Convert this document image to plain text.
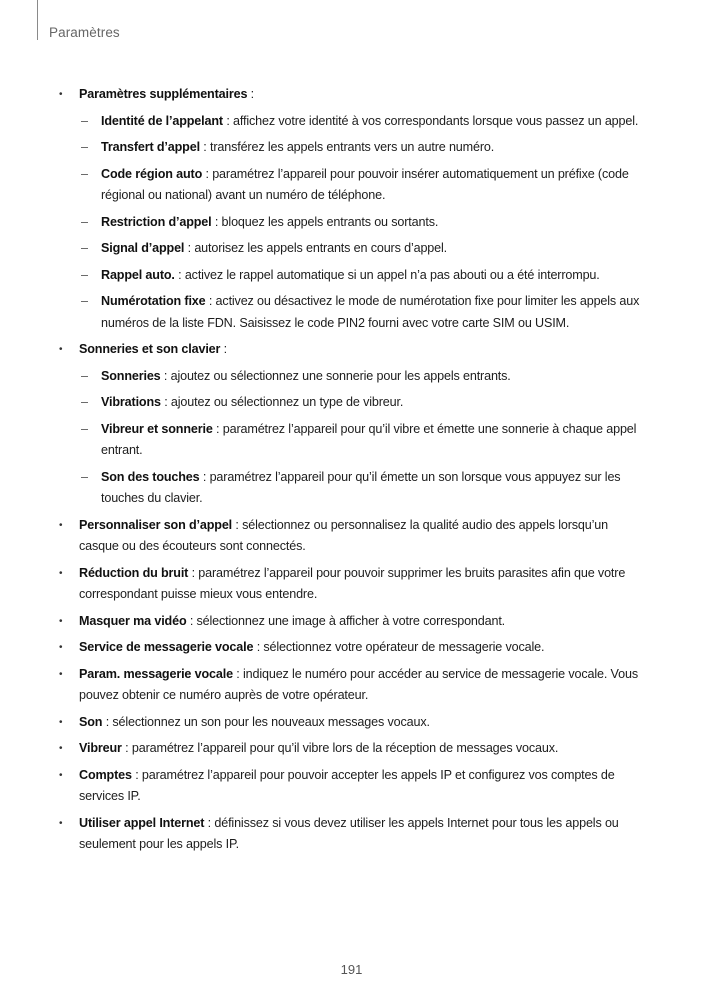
Paramètres
• Paramètres supplémentaires :
– Identité de l’appelant : affichez votre identité à vos correspondants lorsque vous passez un appel.
– Transfert d’appel : transférez les appels entrants vers un autre numéro.
– Code région auto : paramétrez l’appareil pour pouvoir insérer automatiquement un préfixe (code régional ou national) avant un numéro de téléphone.
– Restriction d’appel : bloquez les appels entrants ou sortants.
– Signal d’appel : autorisez les appels entrants en cours d’appel.
– Rappel auto. : activez le rappel automatique si un appel n’a pas abouti ou a été interrompu.
– Numérotation fixe : activez ou désactivez le mode de numérotation fixe pour limiter les appels aux numéros de la liste FDN. Saisissez le code PIN2 fourni avec votre carte SIM ou USIM.
• Sonneries et son clavier :
– Sonneries : ajoutez ou sélectionnez une sonnerie pour les appels entrants.
– Vibrations : ajoutez ou sélectionnez un type de vibreur.
– Vibreur et sonnerie : paramétrez l’appareil pour qu’il vibre et émette une sonnerie à chaque appel entrant.
– Son des touches : paramétrez l’appareil pour qu’il émette un son lorsque vous appuyez sur les touches du clavier.
• Personnaliser son d’appel : sélectionnez ou personnalisez la qualité audio des appels lorsqu’un casque ou des écouteurs sont connectés.
• Réduction du bruit : paramétrez l’appareil pour pouvoir supprimer les bruits parasites afin que votre correspondant puisse mieux vous entendre.
• Masquer ma vidéo : sélectionnez une image à afficher à votre correspondant.
• Service de messagerie vocale : sélectionnez votre opérateur de messagerie vocale.
• Param. messagerie vocale : indiquez le numéro pour accéder au service de messagerie vocale. Vous pouvez obtenir ce numéro auprès de votre opérateur.
• Son : sélectionnez un son pour les nouveaux messages vocaux.
• Vibreur : paramétrez l’appareil pour qu’il vibre lors de la réception de messages vocaux.
• Comptes : paramétrez l’appareil pour pouvoir accepter les appels IP et configurez vos comptes de services IP.
• Utiliser appel Internet : définissez si vous devez utiliser les appels Internet pour tous les appels ou seulement pour les appels IP.
191
